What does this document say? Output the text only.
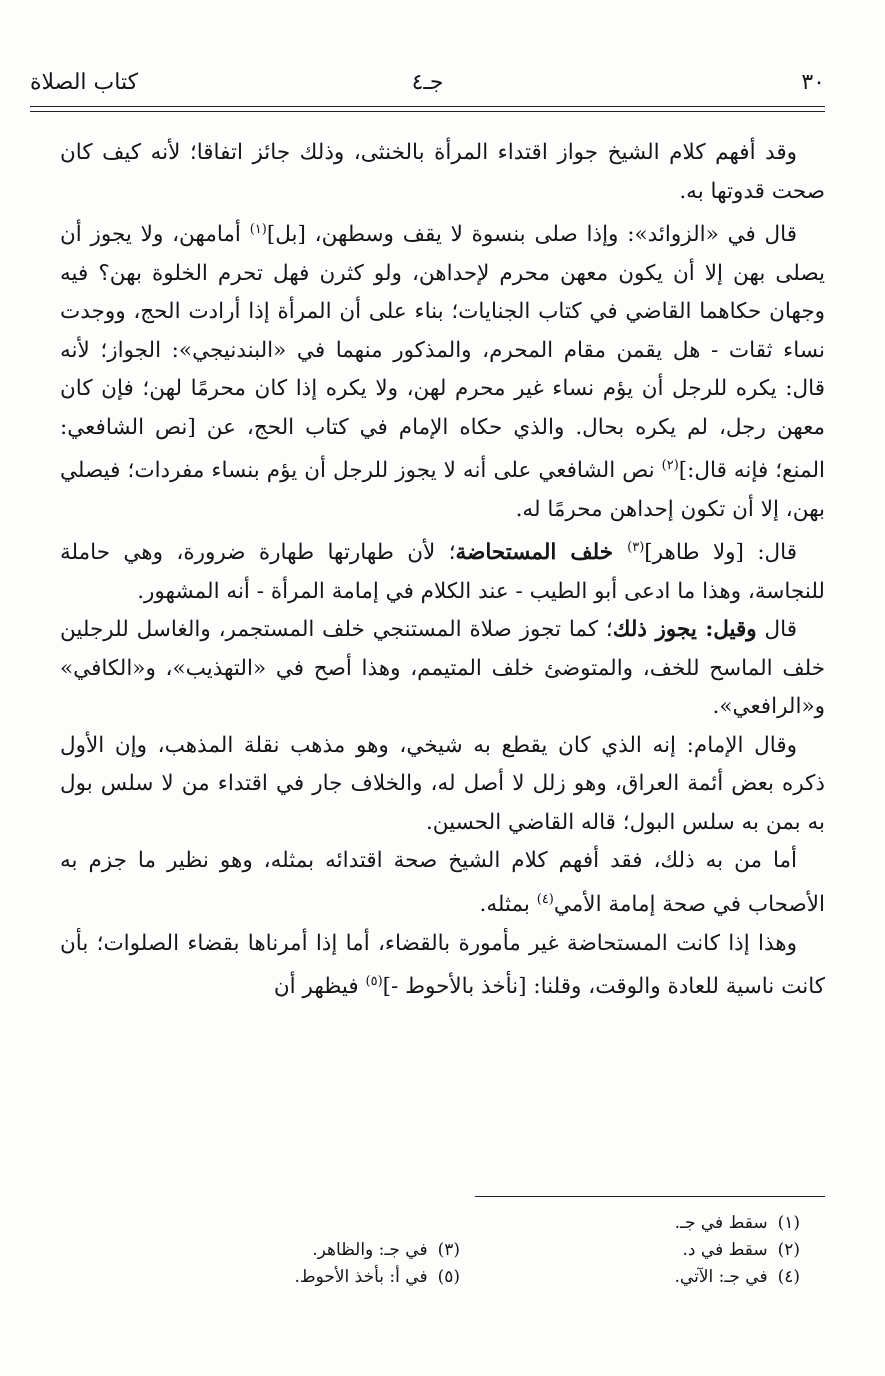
٣٠
جـ٤
كتاب الصلاة

وقد أفهم كلام الشيخ جواز اقتداء المرأة بالخنثى، وذلك جائز اتفاقا؛ لأنه كيف كان صحت قدوتها به.

قال في «الزوائد»: وإذا صلى بنسوة لا يقف وسطهن، [بل]$^{(١)}$ أمامهن، ولا يجوز أن يصلى بهن إلا أن يكون معهن محرم لإحداهن، ولو كثرن فهل تحرم الخلوة بهن؟ فيه وجهان حكاهما القاضي في كتاب الجنايات؛ بناء على أن المرأة إذا أرادت الحج، ووجدت نساء ثقات - هل يقمن مقام المحرم، والمذكور منهما في «البندنيجي»: الجواز؛ لأنه قال: يكره للرجل أن يؤم نساء غير محرم لهن، ولا يكره إذا كان محرمًا لهن؛ فإن كان معهن رجل، لم يكره بحال. والذي حكاه الإمام في كتاب الحج، عن [نص الشافعي: المنع؛ فإنه قال:]$^{(٢)}$ نص الشافعي على أنه لا يجوز للرجل أن يؤم بنساء مفردات؛ فيصلي بهن، إلا أن تكون إحداهن محرمًا له.

قال: [ولا طاهر]$^{(٣)}$ خلف المستحاضة؛ لأن طهارتها طهارة ضرورة، وهي حاملة للنجاسة، وهذا ما ادعى أبو الطيب - عند الكلام في إمامة المرأة - أنه المشهور.

قال وقيل: يجوز ذلك؛ كما تجوز صلاة المستنجي خلف المستجمر، والغاسل للرجلين خلف الماسح للخف، والمتوضئ خلف المتيمم، وهذا أصح في «التهذيب»، و«الكافي» و«الرافعي».

وقال الإمام: إنه الذي كان يقطع به شيخي، وهو مذهب نقلة المذهب، وإن الأول ذكره بعض أئمة العراق، وهو زلل لا أصل له، والخلاف جار في اقتداء من لا سلس بول به بمن به سلس البول؛ قاله القاضي الحسين.

أما من به ذلك، فقد أفهم كلام الشيخ صحة اقتدائه بمثله، وهو نظير ما جزم به الأصحاب في صحة إمامة الأمي$^{(٤)}$ بمثله.

وهذا إذا كانت المستحاضة غير مأمورة بالقضاء، أما إذا أمرناها بقضاء الصلوات؛ بأن كانت ناسية للعادة والوقت، وقلنا: [نأخذ بالأحوط -]$^{(٥)}$ فيظهر أن

(١)سقط في جـ.
(٢)سقط في د.
(٤)في جـ: الآتي.
(٣)في جـ: والظاهر.
(٥)في أ: بأخذ الأحوط.
